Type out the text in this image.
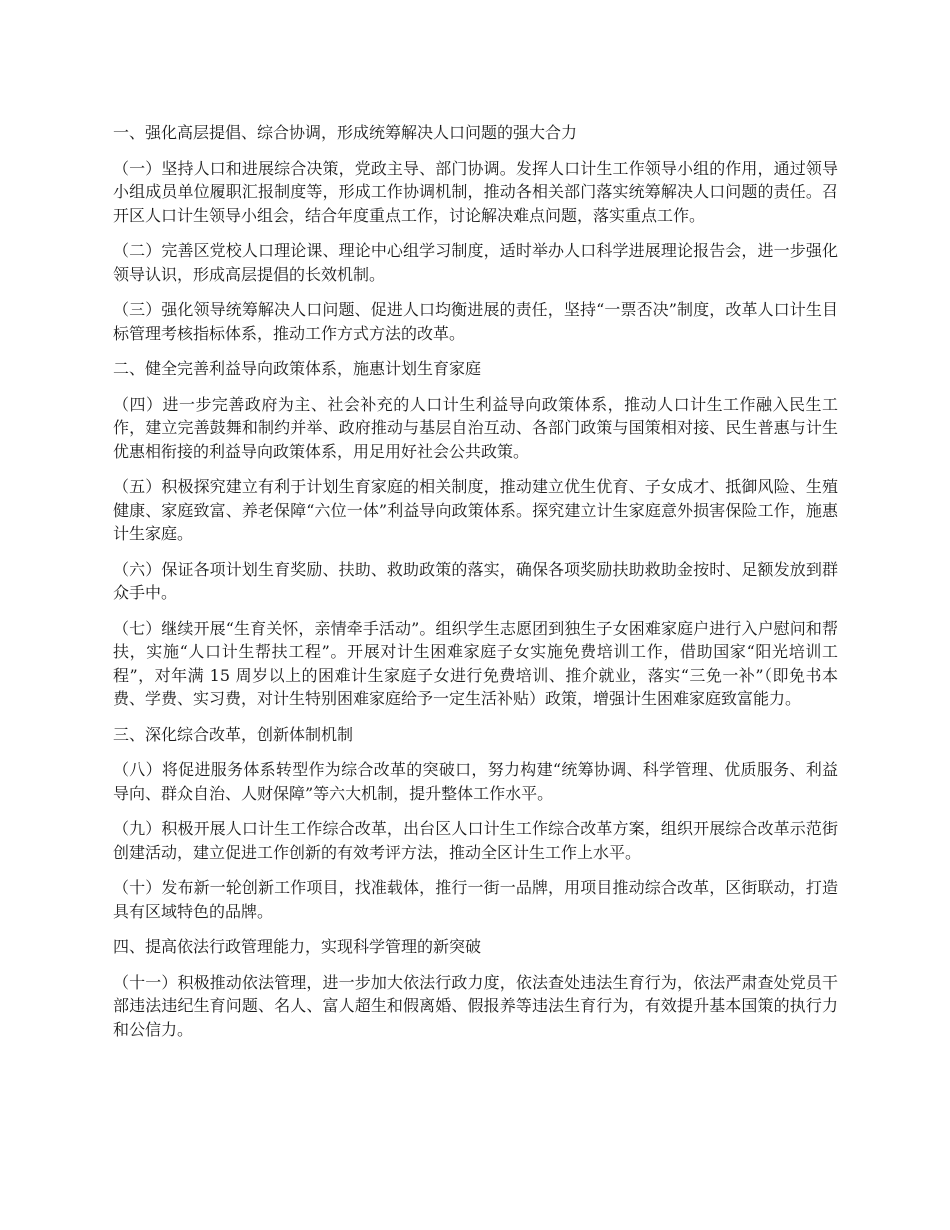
一、强化高层提倡、综合协调，形成统筹解决人口问题的强大合力

（一）坚持人口和进展综合决策，党政主导、部门协调。发挥人口计生工作领导小组的作用，通过领导小组成员单位履职汇报制度等，形成工作协调机制，推动各相关部门落实统筹解决人口问题的责任。召开区人口计生领导小组会，结合年度重点工作，讨论解决难点问题，落实重点工作。

（二）完善区党校人口理论课、理论中心组学习制度，适时举办人口科学进展理论报告会，进一步强化领导认识，形成高层提倡的长效机制。

（三）强化领导统筹解决人口问题、促进人口均衡进展的责任，坚持“一票否决”制度，改革人口计生目标管理考核指标体系，推动工作方式方法的改革。

二、健全完善利益导向政策体系，施惠计划生育家庭

（四）进一步完善政府为主、社会补充的人口计生利益导向政策体系，推动人口计生工作融入民生工作，建立完善鼓舞和制约并举、政府推动与基层自治互动、各部门政策与国策相对接、民生普惠与计生优惠相衔接的利益导向政策体系，用足用好社会公共政策。

（五）积极探究建立有利于计划生育家庭的相关制度，推动建立优生优育、子女成才、抵御风险、生殖健康、家庭致富、养老保障“六位一体”利益导向政策体系。探究建立计生家庭意外损害保险工作，施惠计生家庭。

（六）保证各项计划生育奖励、扶助、救助政策的落实，确保各项奖励扶助救助金按时、足额发放到群众手中。

（七）继续开展“生育关怀，亲情牵手活动”。组织学生志愿团到独生子女困难家庭户进行入户慰问和帮扶，实施“人口计生帮扶工程”。开展对计生困难家庭子女实施免费培训工作，借助国家“阳光培训工程”，对年满 15 周岁以上的困难计生家庭子女进行免费培训、推介就业，落实“三免一补”（即免书本费、学费、实习费，对计生特别困难家庭给予一定生活补贴）政策，增强计生困难家庭致富能力。

三、深化综合改革，创新体制机制

（八）将促进服务体系转型作为综合改革的突破口，努力构建“统筹协调、科学管理、优质服务、利益导向、群众自治、人财保障”等六大机制，提升整体工作水平。

（九）积极开展人口计生工作综合改革，出台区人口计生工作综合改革方案，组织开展综合改革示范街创建活动，建立促进工作创新的有效考评方法，推动全区计生工作上水平。

（十）发布新一轮创新工作项目，找准载体，推行一街一品牌，用项目推动综合改革，区街联动，打造具有区域特色的品牌。

四、提高依法行政管理能力，实现科学管理的新突破

（十一）积极推动依法管理，进一步加大依法行政力度，依法查处违法生育行为，依法严肃查处党员干部违法违纪生育问题、名人、富人超生和假离婚、假报养等违法生育行为，有效提升基本国策的执行力和公信力。
